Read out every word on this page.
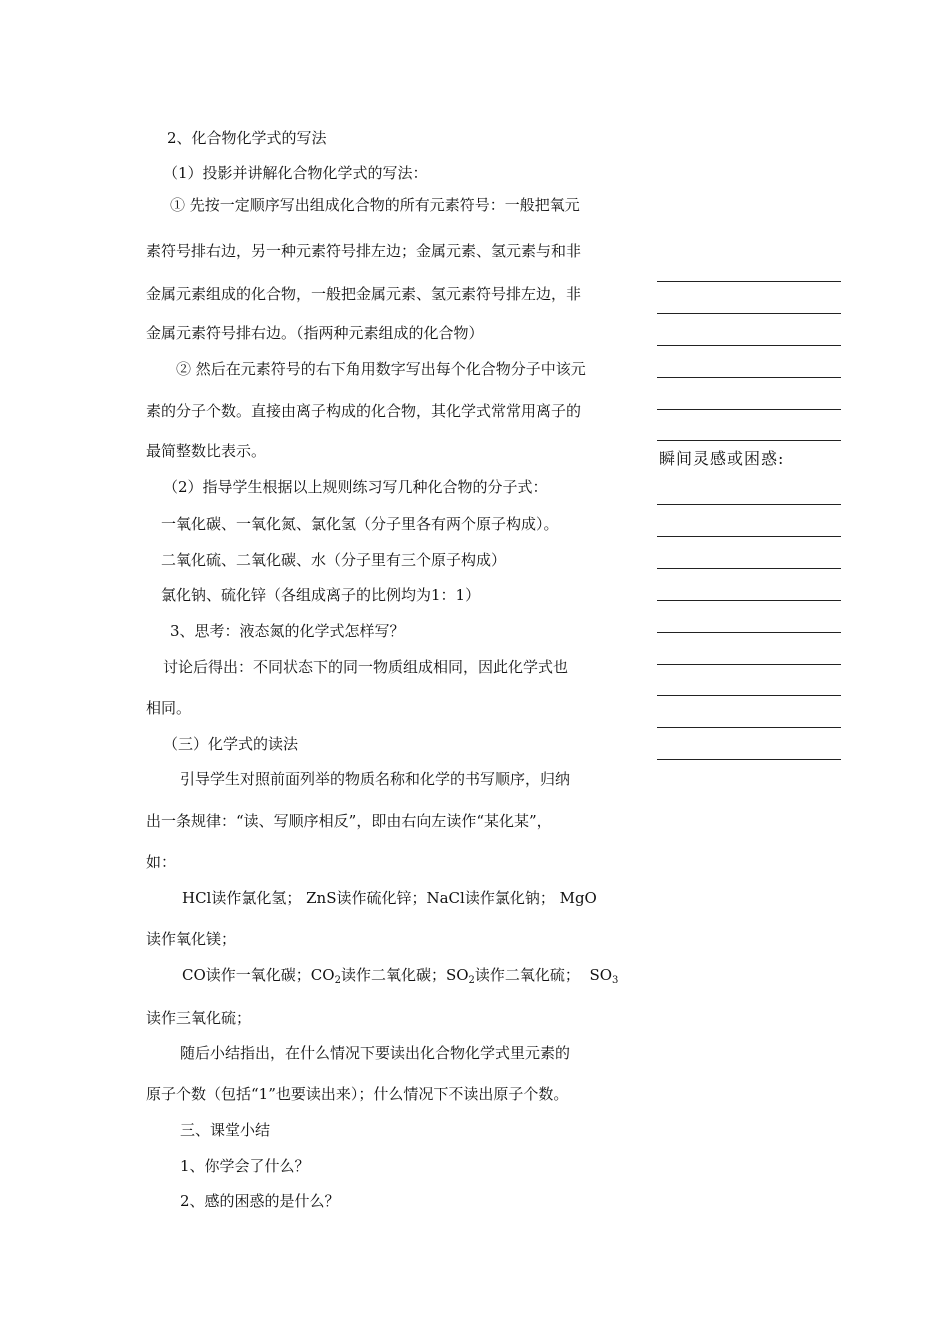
2、化合物化学式的写法
（1）投影并讲解化合物化学式的写法：
① 先按一定顺序写出组成化合物的所有元素符号：一般把氧元
素符号排右边，另一种元素符号排左边；金属元素、氢元素与和非
金属元素组成的化合物，一般把金属元素、氢元素符号排左边，非
金属元素符号排右边。（指两种元素组成的化合物）
② 然后在元素符号的右下角用数字写出每个化合物分子中该元
素的分子个数。直接由离子构成的化合物，其化学式常常用离子的
最简整数比表示。
（2）指导学生根据以上规则练习写几种化合物的分子式：
一氧化碳、一氧化氮、氯化氢（分子里各有两个原子构成）。
二氧化硫、二氧化碳、水（分子里有三个原子构成）
氯化钠、硫化锌（各组成离子的比例均为1：1）
3、思考：液态氮的化学式怎样写？
讨论后得出：不同状态下的同一物质组成相同，因此化学式也
相同。
（三）化学式的读法
引导学生对照前面列举的物质名称和化学的书写顺序，归纳
出一条规律：“读、写顺序相反”，即由右向左读作“某化某”，
如：
HCl读作氯化氢； ZnS读作硫化锌；NaCl读作氯化钠； MgO
读作氧化镁；
CO读作一氧化碳；$CO_2$读作二氧化碳；$SO_2$读作二氧化硫；  $SO_3$
读作三氧化硫；
随后小结指出，在什么情况下要读出化合物化学式里元素的
原子个数（包括“1”也要读出来）；什么情况下不读出原子个数。
三、课堂小结
1、你学会了什么？
2、感的困惑的是什么？
瞬间灵感或困惑:
